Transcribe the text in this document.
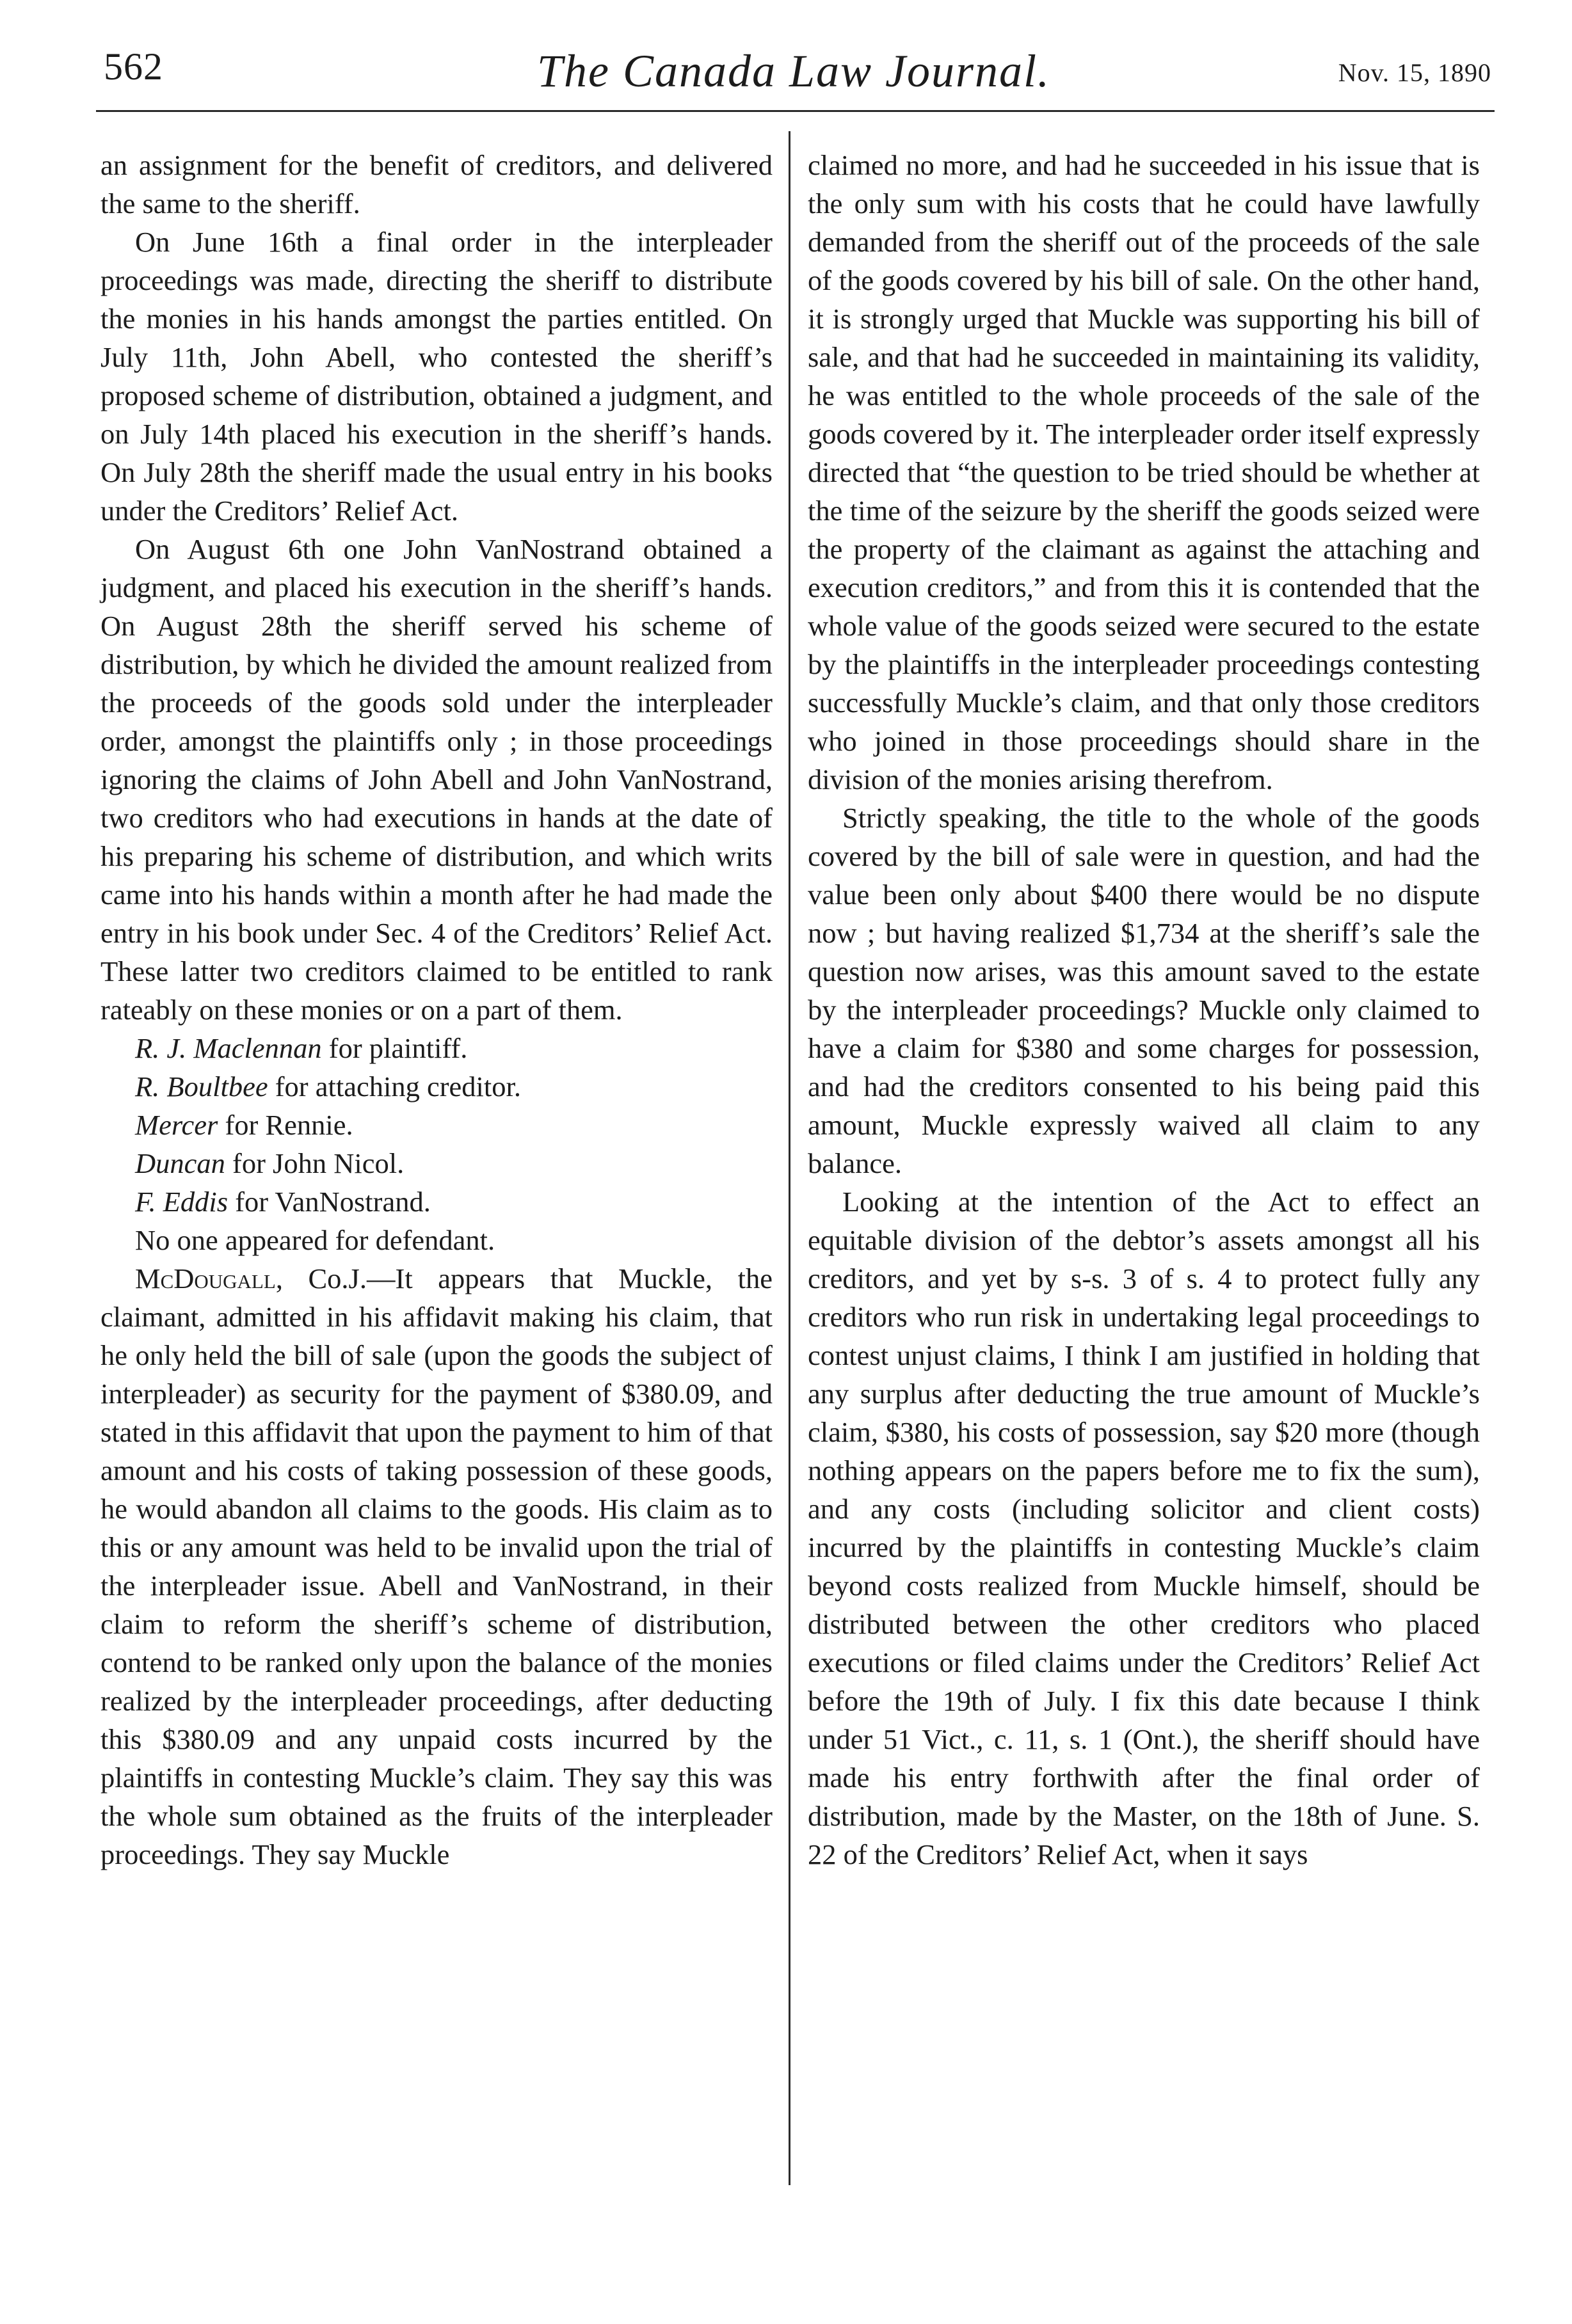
562	The Canada Law Journal.	Nov. 15, 1890

an assignment for the benefit of creditors, and delivered the same to the sheriff.

On June 16th a final order in the interpleader proceedings was made, directing the sheriff to distribute the monies in his hands amongst the parties entitled. On July 11th, John Abell, who contested the sheriff’s proposed scheme of distribution, obtained a judgment, and on July 14th placed his execution in the sheriff’s hands. On July 28th the sheriff made the usual entry in his books under the Creditors’ Relief Act.

On August 6th one John VanNostrand obtained a judgment, and placed his execution in the sheriff’s hands. On August 28th the sheriff served his scheme of distribution, by which he divided the amount realized from the proceeds of the goods sold under the interpleader order, amongst the plaintiffs only ; in those proceedings ignoring the claims of John Abell and John VanNostrand, two creditors who had executions in hands at the date of his preparing his scheme of distribution, and which writs came into his hands within a month after he had made the entry in his book under Sec. 4 of the Creditors’ Relief Act. These latter two creditors claimed to be entitled to rank rateably on these monies or on a part of them.

R. J. Maclennan for plaintiff.

R. Boultbee for attaching creditor.

Mercer for Rennie.

Duncan for John Nicol.

F. Eddis for VanNostrand.

No one appeared for defendant.

McDougall, Co.J.—It appears that Muckle, the claimant, admitted in his affidavit making his claim, that he only held the bill of sale (upon the goods the subject of interpleader) as security for the payment of $380.09, and stated in this affidavit that upon the payment to him of that amount and his costs of taking possession of these goods, he would abandon all claims to the goods. His claim as to this or any amount was held to be invalid upon the trial of the interpleader issue. Abell and VanNostrand, in their claim to reform the sheriff’s scheme of distribution, contend to be ranked only upon the balance of the monies realized by the interpleader proceedings, after deducting this $380.09 and any unpaid costs incurred by the plaintiffs in contesting Muckle’s claim. They say this was the whole sum obtained as the fruits of the interpleader proceedings. They say Muckle

claimed no more, and had he succeeded in his issue that is the only sum with his costs that he could have lawfully demanded from the sheriff out of the proceeds of the sale of the goods covered by his bill of sale. On the other hand, it is strongly urged that Muckle was supporting his bill of sale, and that had he succeeded in maintaining its validity, he was entitled to the whole proceeds of the sale of the goods covered by it. The interpleader order itself expressly directed that “the question to be tried should be whether at the time of the seizure by the sheriff the goods seized were the property of the claimant as against the attaching and execution creditors,” and from this it is contended that the whole value of the goods seized were secured to the estate by the plaintiffs in the interpleader proceedings contesting successfully Muckle’s claim, and that only those creditors who joined in those proceedings should share in the division of the monies arising therefrom.

Strictly speaking, the title to the whole of the goods covered by the bill of sale were in question, and had the value been only about $400 there would be no dispute now ; but having realized $1,734 at the sheriff’s sale the question now arises, was this amount saved to the estate by the interpleader proceedings? Muckle only claimed to have a claim for $380 and some charges for possession, and had the creditors consented to his being paid this amount, Muckle expressly waived all claim to any balance.

Looking at the intention of the Act to effect an equitable division of the debtor’s assets amongst all his creditors, and yet by s-s. 3 of s. 4 to protect fully any creditors who run risk in undertaking legal proceedings to contest unjust claims, I think I am justified in holding that any surplus after deducting the true amount of Muckle’s claim, $380, his costs of possession, say $20 more (though nothing appears on the papers before me to fix the sum), and any costs (including solicitor and client costs) incurred by the plaintiffs in contesting Muckle’s claim beyond costs realized from Muckle himself, should be distributed between the other creditors who placed executions or filed claims under the Creditors’ Relief Act before the 19th of July. I fix this date because I think under 51 Vict., c. 11, s. 1 (Ont.), the sheriff should have made his entry forthwith after the final order of distribution, made by the Master, on the 18th of June. S. 22 of the Creditors’ Relief Act, when it says
